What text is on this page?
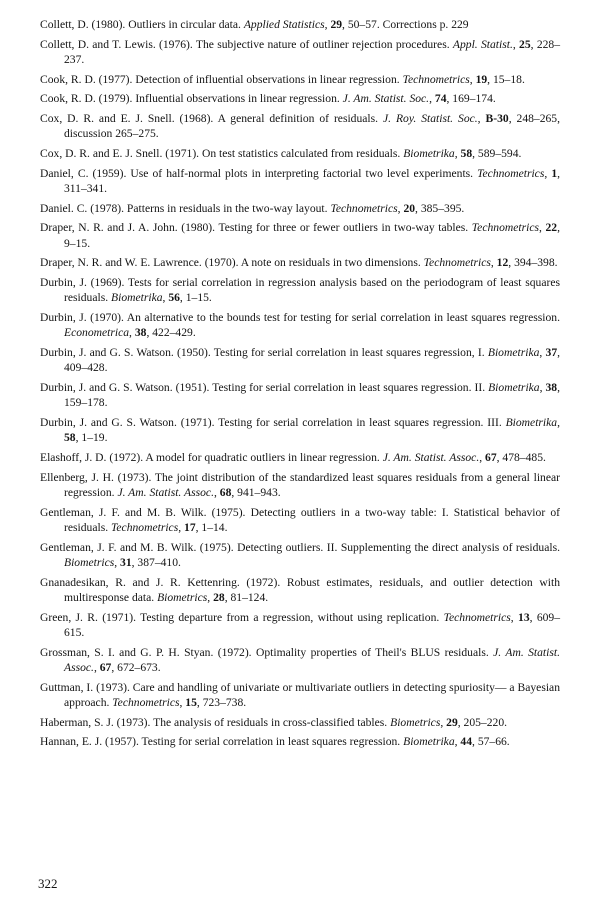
Collett, D. (1980). Outliers in circular data. Applied Statistics, 29, 50–57. Corrections p. 229

Collett, D. and T. Lewis. (1976). The subjective nature of outliner rejection procedures. Appl. Statist., 25, 228–237.

Cook, R. D. (1977). Detection of influential observations in linear regression. Technometrics, 19, 15–18.

Cook, R. D. (1979). Influential observations in linear regression. J. Am. Statist. Soc., 74, 169–174.

Cox, D. R. and E. J. Snell. (1968). A general definition of residuals. J. Roy. Statist. Soc., B-30, 248–265, discussion 265–275.

Cox, D. R. and E. J. Snell. (1971). On test statistics calculated from residuals. Biometrika, 58, 589–594.

Daniel, C. (1959). Use of half-normal plots in interpreting factorial two level experiments. Technometrics, 1, 311–341.

Daniel. C. (1978). Patterns in residuals in the two-way layout. Technometrics, 20, 385–395.

Draper, N. R. and J. A. John. (1980). Testing for three or fewer outliers in two-way tables. Technometrics, 22, 9–15.

Draper, N. R. and W. E. Lawrence. (1970). A note on residuals in two dimensions. Technometrics, 12, 394–398.

Durbin, J. (1969). Tests for serial correlation in regression analysis based on the periodogram of least squares residuals. Biometrika, 56, 1–15.

Durbin, J. (1970). An alternative to the bounds test for testing for serial correlation in least squares regression. Econometrica, 38, 422–429.

Durbin, J. and G. S. Watson. (1950). Testing for serial correlation in least squares regression, I. Biometrika, 37, 409–428.

Durbin, J. and G. S. Watson. (1951). Testing for serial correlation in least squares regression. II. Biometrika, 38, 159–178.

Durbin, J. and G. S. Watson. (1971). Testing for serial correlation in least squares regression. III. Biometrika, 58, 1–19.

Elashoff, J. D. (1972). A model for quadratic outliers in linear regression. J. Am. Statist. Assoc., 67, 478–485.

Ellenberg, J. H. (1973). The joint distribution of the standardized least squares residuals from a general linear regression. J. Am. Statist. Assoc., 68, 941–943.

Gentleman, J. F. and M. B. Wilk. (1975). Detecting outliers in a two-way table: I. Statistical behavior of residuals. Technometrics, 17, 1–14.

Gentleman, J. F. and M. B. Wilk. (1975). Detecting outliers. II. Supplementing the direct analysis of residuals. Biometrics, 31, 387–410.

Gnanadesikan, R. and J. R. Kettenring. (1972). Robust estimates, residuals, and outlier detection with multiresponse data. Biometrics, 28, 81–124.

Green, J. R. (1971). Testing departure from a regression, without using replication. Technometrics, 13, 609–615.

Grossman, S. I. and G. P. H. Styan. (1972). Optimality properties of Theil's BLUS residuals. J. Am. Statist. Assoc., 67, 672–673.

Guttman, I. (1973). Care and handling of univariate or multivariate outliers in detecting spuriosity— a Bayesian approach. Technometrics, 15, 723–738.

Haberman, S. J. (1973). The analysis of residuals in cross-classified tables. Biometrics, 29, 205–220.

Hannan, E. J. (1957). Testing for serial correlation in least squares regression. Biometrika, 44, 57–66.

322
